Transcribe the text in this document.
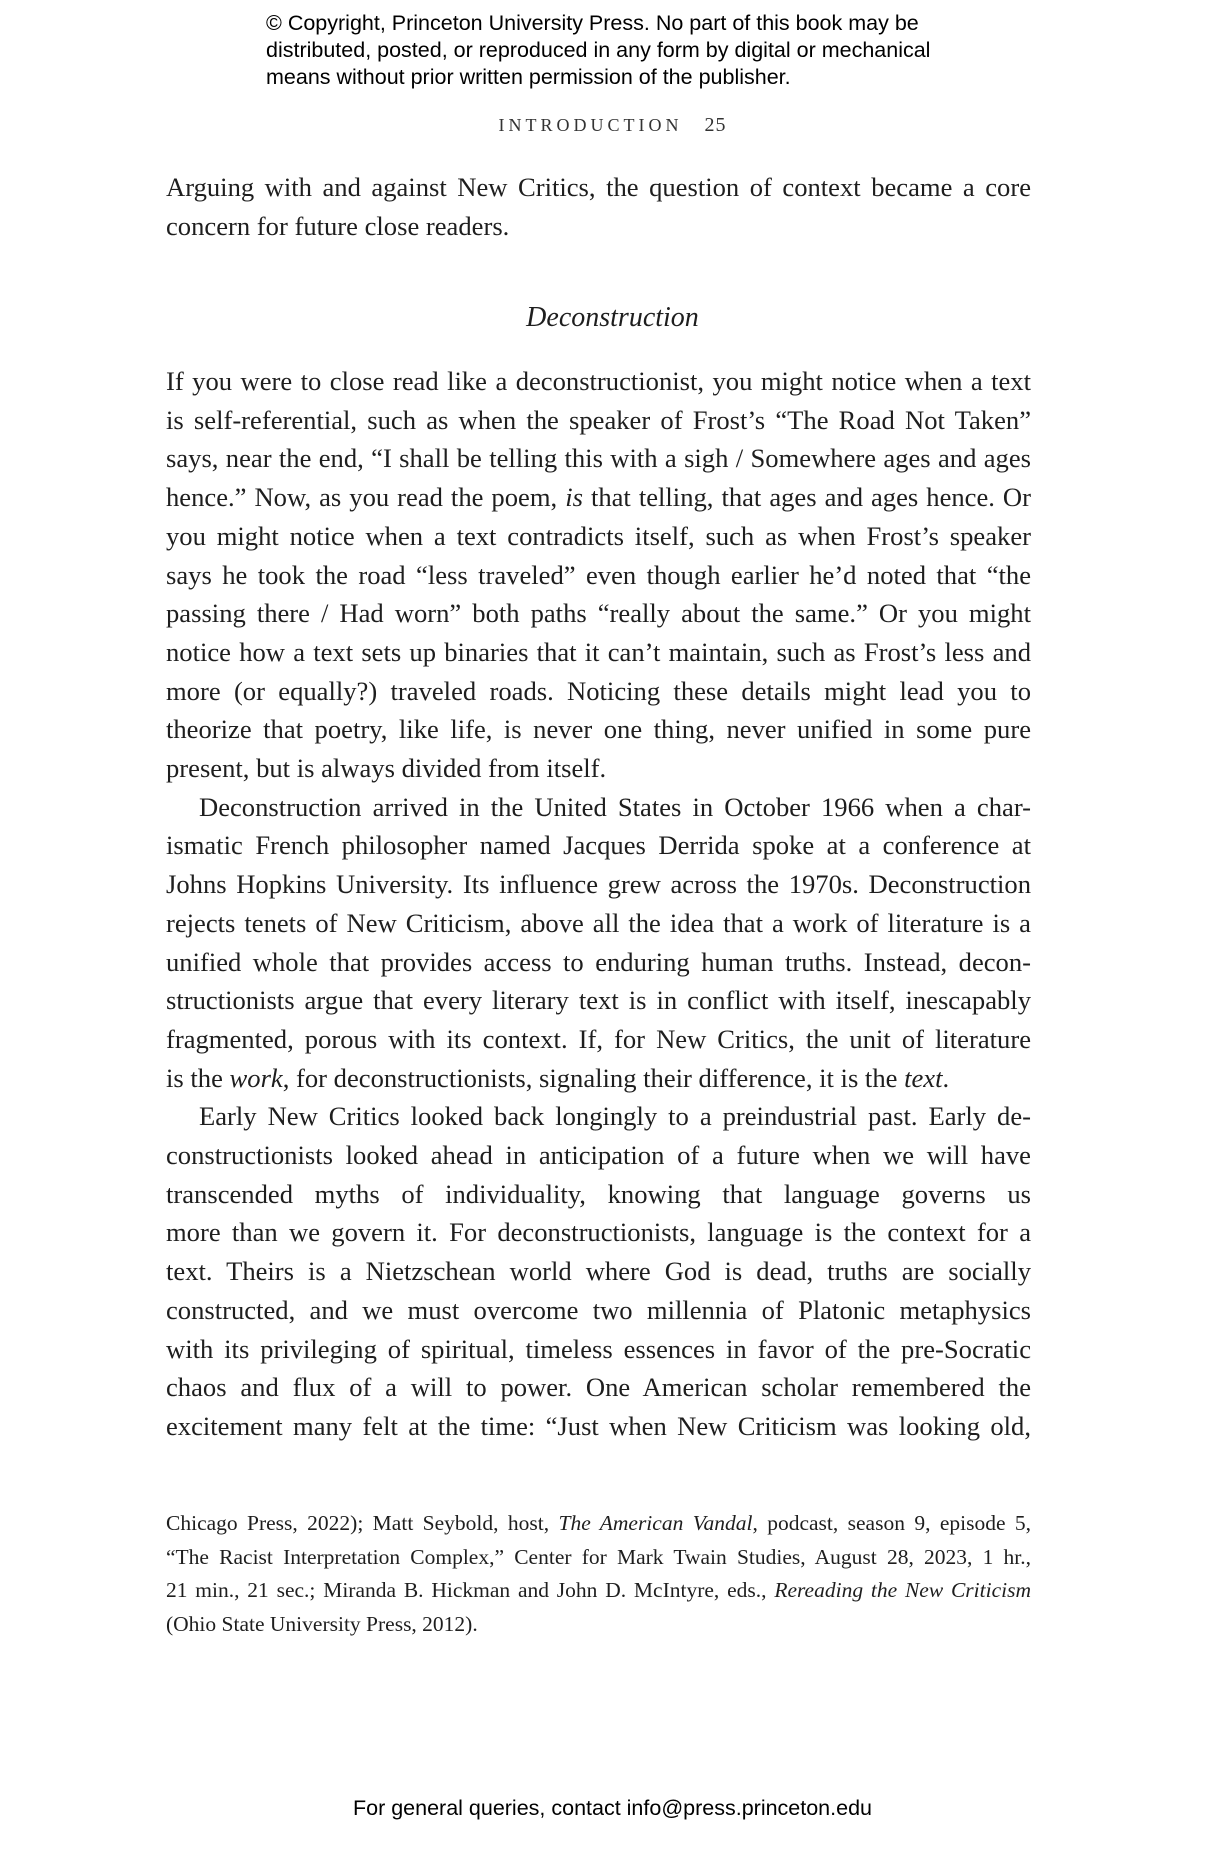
© Copyright, Princeton University Press. No part of this book may be
distributed, posted, or reproduced in any form by digital or mechanical
means without prior written permission of the publisher.
INTRODUCTION 25
Arguing with and against New Critics, the question of context became a core
concern for future close readers.
Deconstruction
If you were to close read like a deconstructionist, you might notice when a text
is self-referential, such as when the speaker of Frost’s “The Road Not Taken”
says, near the end, “I shall be telling this with a sigh / Somewhere ages and ages
hence.” Now, as you read the poem, is that telling, that ages and ages hence. Or
you might notice when a text contradicts itself, such as when Frost’s speaker
says he took the road “less traveled” even though earlier he’d noted that “the
passing there / Had worn” both paths “really about the same.” Or you might
notice how a text sets up binaries that it can’t maintain, such as Frost’s less and
more (or equally?) traveled roads. Noticing these details might lead you to
theorize that poetry, like life, is never one thing, never unified in some pure
present, but is always divided from itself.
Deconstruction arrived in the United States in October 1966 when a char-
ismatic French philosopher named Jacques Derrida spoke at a conference at
Johns Hopkins University. Its influence grew across the 1970s. Deconstruction
rejects tenets of New Criticism, above all the idea that a work of literature is a
unified whole that provides access to enduring human truths. Instead, decon-
structionists argue that every literary text is in conflict with itself, inescapably
fragmented, porous with its context. If, for New Critics, the unit of literature
is the work, for deconstructionists, signaling their difference, it is the text.
Early New Critics looked back longingly to a preindustrial past. Early de-
constructionists looked ahead in anticipation of a future when we will have
transcended myths of individuality, knowing that language governs us
more than we govern it. For deconstructionists, language is the context for a
text. Theirs is a Nietzschean world where God is dead, truths are socially
constructed, and we must overcome two millennia of Platonic metaphysics
with its privileging of spiritual, timeless essences in favor of the pre-Socratic
chaos and flux of a will to power. One American scholar remembered the
excitement many felt at the time: “Just when New Criticism was looking old,
Chicago Press, 2022); Matt Seybold, host, The American Vandal, podcast, season 9, episode 5,
“The Racist Interpretation Complex,” Center for Mark Twain Studies, August 28, 2023, 1 hr.,
21 min., 21 sec.; Miranda B. Hickman and John D. McIntyre, eds., Rereading the New Criticism
(Ohio State University Press, 2012).
For general queries, contact info@press.princeton.edu
